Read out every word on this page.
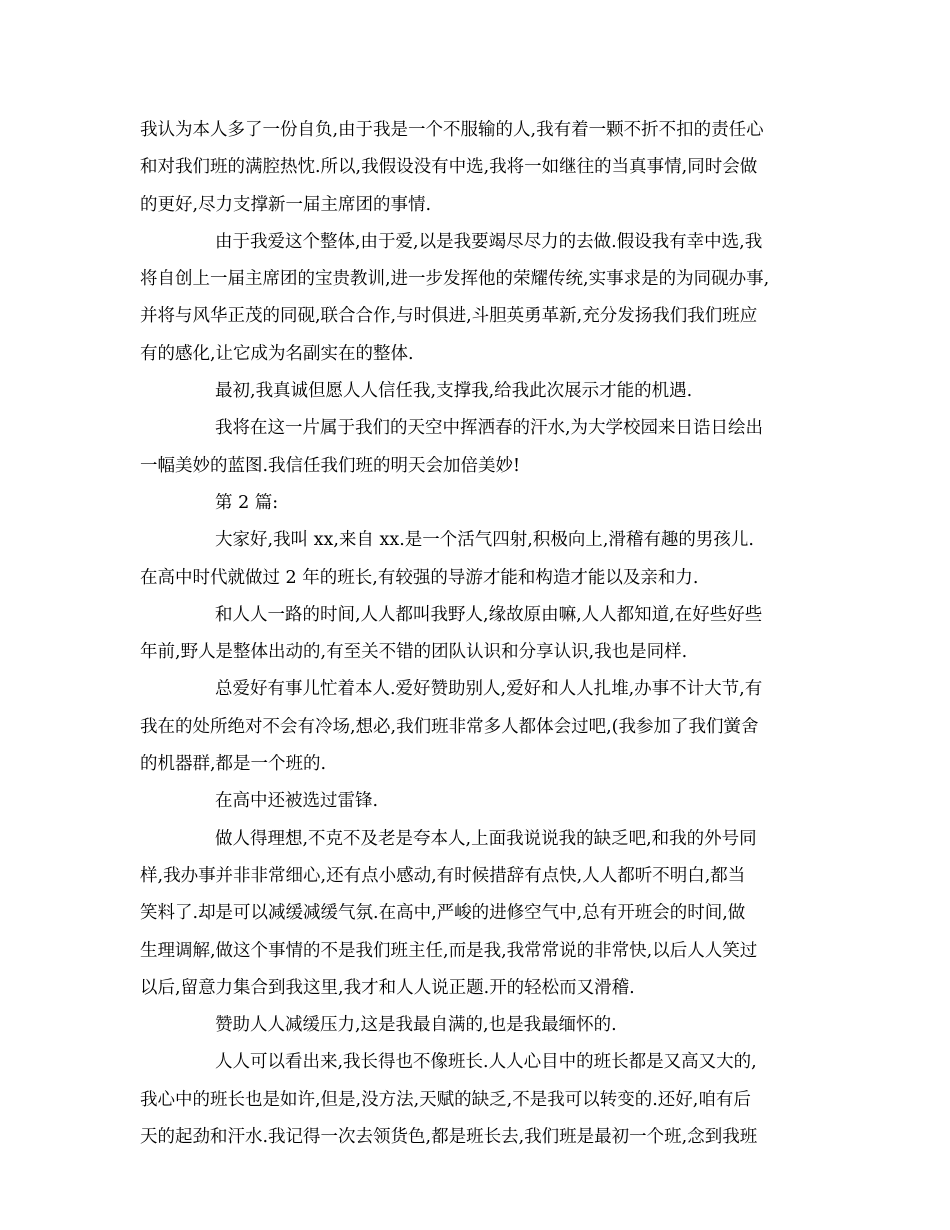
我认为本人多了一份自负,由于我是一个不服输的人,我有着一颗不折不扣的责任心
和对我们班的满腔热忱.所以,我假设没有中选,我将一如继往的当真事情,同时会做
的更好,尽力支撑新一届主席团的事情.
由于我爱这个整体,由于爱,以是我要竭尽尽力的去做.假设我有幸中选,我
将自创上一届主席团的宝贵教训,进一步发挥他的荣耀传统,实事求是的为同砚办事,
并将与风华正茂的同砚,联合合作,与时俱进,斗胆英勇革新,充分发扬我们我们班应
有的感化,让它成为名副实在的整体.
最初,我真诚但愿人人信任我,支撑我,给我此次展示才能的机遇.
我将在这一片属于我们的天空中挥洒春的汗水,为大学校园来日诰日绘出
一幅美妙的蓝图.我信任我们班的明天会加倍美妙!
第 2 篇:
大家好,我叫 xx,来自 xx.是一个活气四射,积极向上,滑稽有趣的男孩儿.
在高中时代就做过 2 年的班长,有较强的导游才能和构造才能以及亲和力.
和人人一路的时间,人人都叫我野人,缘故原由嘛,人人都知道,在好些好些
年前,野人是整体出动的,有至关不错的团队认识和分享认识,我也是同样.
总爱好有事儿忙着本人.爱好赞助别人,爱好和人人扎堆,办事不计大节,有
我在的处所绝对不会有冷场,想必,我们班非常多人都体会过吧,(我参加了我们黉舍
的机器群,都是一个班的.
在高中还被选过雷锋.
做人得理想,不克不及老是夸本人,上面我说说我的缺乏吧,和我的外号同
样,我办事并非非常细心,还有点小感动,有时候措辞有点快,人人都听不明白,都当
笑料了.却是可以减缓减缓气氛.在高中,严峻的进修空气中,总有开班会的时间,做
生理调解,做这个事情的不是我们班主任,而是我,我常常说的非常快,以后人人笑过
以后,留意力集合到我这里,我才和人人说正题.开的轻松而又滑稽.
赞助人人减缓压力,这是我最自满的,也是我最缅怀的.
人人可以看出来,我长得也不像班长.人人心目中的班长都是又高又大的,
我心中的班长也是如许,但是,没方法,天赋的缺乏,不是我可以转变的.还好,咱有后
天的起劲和汗水.我记得一次去领货色,都是班长去,我们班是最初一个班,念到我班
